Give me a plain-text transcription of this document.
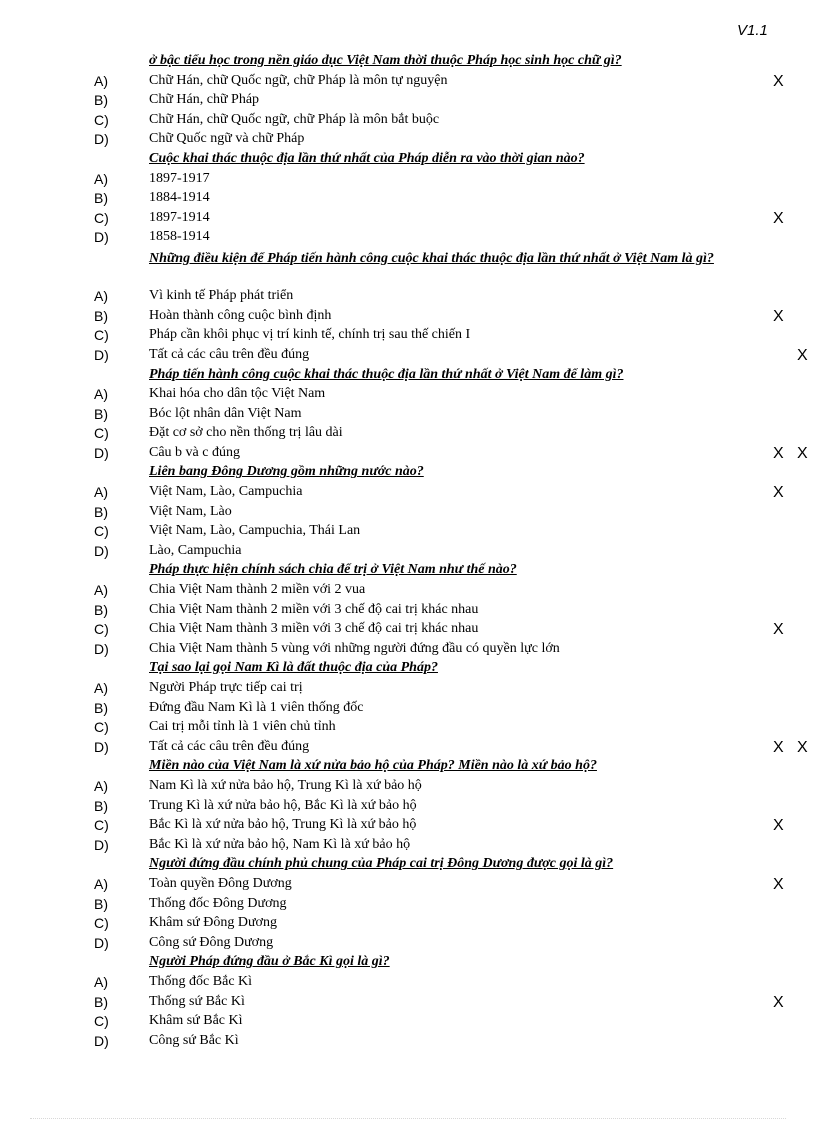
V1.1
ở bậc tiểu học trong nền giáo dục Việt Nam thời thuộc Pháp học sinh học chữ gì?
A)	Chữ Hán, chữ Quốc ngữ, chữ Pháp là môn tự nguyện	X
B)	Chữ Hán, chữ Pháp
C)	Chữ Hán, chữ Quốc ngữ, chữ Pháp là môn bắt buộc
D)	Chữ Quốc ngữ và chữ Pháp
Cuộc khai thác thuộc địa lần thứ nhất của Pháp diễn ra vào thời gian nào?
A)	1897-1917
B)	1884-1914
C)	1897-1914	X
D)	1858-1914
Những điều kiện để Pháp tiến hành công cuộc khai thác thuộc địa lần thứ nhất ở Việt Nam là gì?
A)	Vì kinh tế Pháp phát triển
B)	Hoàn thành công cuộc bình định	X
C)	Pháp cần khôi phục vị trí kinh tế, chính trị sau thế chiến I
D)	Tất cả các câu trên đều đúng	X
Pháp tiến hành công cuộc khai thác thuộc địa lần thứ nhất ở Việt Nam để làm gì?
A)	Khai hóa cho dân tộc Việt Nam
B)	Bóc lột nhân dân Việt Nam
C)	Đặt cơ sở cho nền thống trị lâu dài
D)	Câu b và c đúng	X X
Liên bang Đông Dương gồm những nước nào?
A)	Việt Nam, Lào, Campuchia	X
B)	Việt Nam, Lào
C)	Việt Nam, Lào, Campuchia, Thái Lan
D)	Lào, Campuchia
Pháp thực hiện chính sách chia để trị ở Việt Nam như thế nào?
A)	Chia Việt Nam thành 2 miền với 2 vua
B)	Chia Việt Nam thành 2 miền với 3 chế độ cai trị khác nhau
C)	Chia Việt Nam thành 3 miền với 3 chế độ cai trị khác nhau	X
D)	Chia Việt Nam thành 5 vùng với những người đứng đầu có quyền lực lớn
Tại sao lại gọi Nam Kì là đất thuộc địa của Pháp?
A)	Người Pháp trực tiếp cai trị
B)	Đứng đầu Nam Kì là 1 viên thống đốc
C)	Cai trị mỗi tỉnh là 1 viên chủ tỉnh
D)	Tất cả các câu trên đều đúng	X X
Miền nào của Việt Nam là xứ nửa bảo hộ của Pháp? Miền nào là xứ bảo hộ?
A)	Nam Kì là xứ nửa bảo hộ, Trung Kì là xứ bảo hộ
B)	Trung Kì là xứ nửa bảo hộ, Bắc Kì là xứ bảo hộ
C)	Bắc Kì là xứ nửa bảo hộ, Trung Kì là xứ bảo hộ	X
D)	Bắc Kì là xứ nửa bảo hộ, Nam Kì là xứ bảo hộ
Người đứng đầu chính phủ chung của Pháp cai trị Đông Dương được gọi là gì?
A)	Toàn quyền Đông Dương	X
B)	Thống đốc Đông Dương
C)	Khâm sứ Đông Dương
D)	Công sứ Đông Dương
Người Pháp đứng đầu ở Bắc Kì gọi là gì?
A)	Thống đốc Bắc Kì
B)	Thống sứ Bắc Kì	X
C)	Khâm sứ Bắc Kì
D)	Công sứ Bắc Kì
